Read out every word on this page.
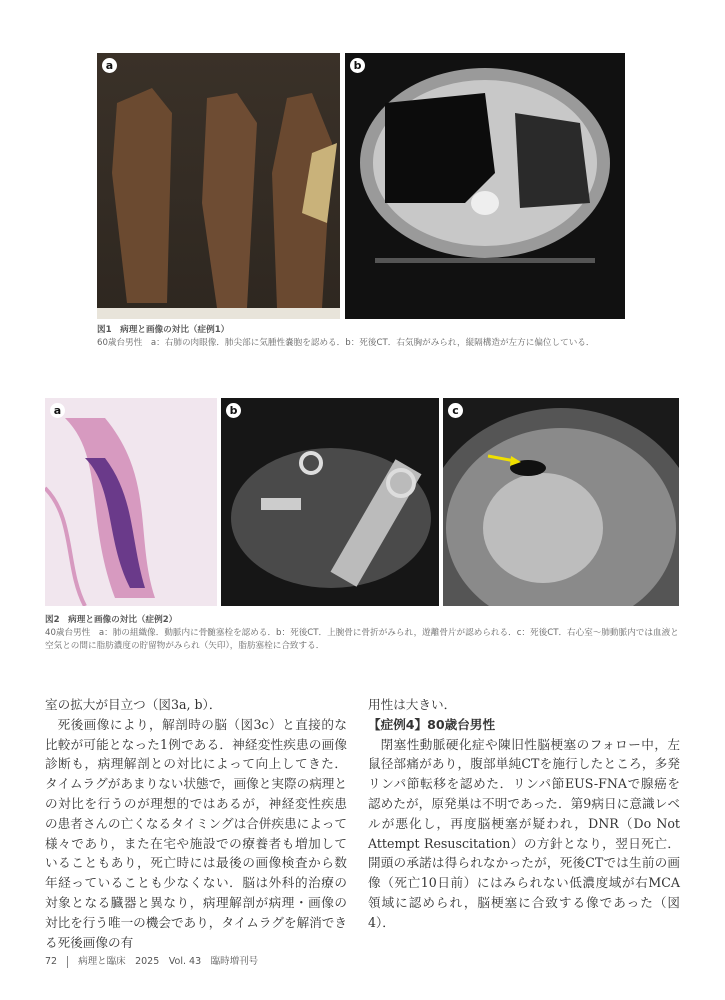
a	b
図1　病理と画像の対比（症例1）
60歳台男性　a：右肺の肉眼像．肺尖部に気腫性嚢胞を認める．b：死後CT．右気胸がみられ，縦隔構造が左方に偏位している．
a	b	c
図2　病理と画像の対比（症例2）
40歳台男性　a：肺の組織像．動脈内に骨髄塞栓を認める．b：死後CT．上腕骨に骨折がみられ，遊離骨片が認められる．c：死後CT．右心室～肺動脈内では血液と空気との間に脂肪濃度の貯留物がみられ（矢印），脂肪塞栓に合致する．

室の拡大が目立つ（図3a, b）．

死後画像により，解剖時の脳（図3c）と直接的な比較が可能となった1例である．神経変性疾患の画像診断も，病理解剖との対比によって向上してきた．タイムラグがあまりない状態で，画像と実際の病理との対比を行うのが理想的ではあるが，神経変性疾患の患者さんの亡くなるタイミングは合併疾患によって様々であり，また在宅や施設での療養者も増加していることもあり，死亡時には最後の画像検査から数年経っていることも少なくない．脳は外科的治療の対象となる臓器と異なり，病理解剖が病理・画像の対比を行う唯一の機会であり，タイムラグを解消できる死後画像の有

用性は大きい．

【症例4】80歳台男性

閉塞性動脈硬化症や陳旧性脳梗塞のフォロー中，左鼠径部痛があり，腹部単純CTを施行したところ，多発リンパ節転移を認めた．リンパ節EUS-FNAで腺癌を認めたが，原発巣は不明であった．第9病日に意識レベルが悪化し，再度脳梗塞が疑われ，DNR（Do Not Attempt Resuscitation）の方針となり，翌日死亡．開頭の承諾は得られなかったが，死後CTでは生前の画像（死亡10日前）にはみられない低濃度域が右MCA領域に認められ，脳梗塞に合致する像であった（図4）．

72 病理と臨床　2025　Vol. 43　臨時増刊号
